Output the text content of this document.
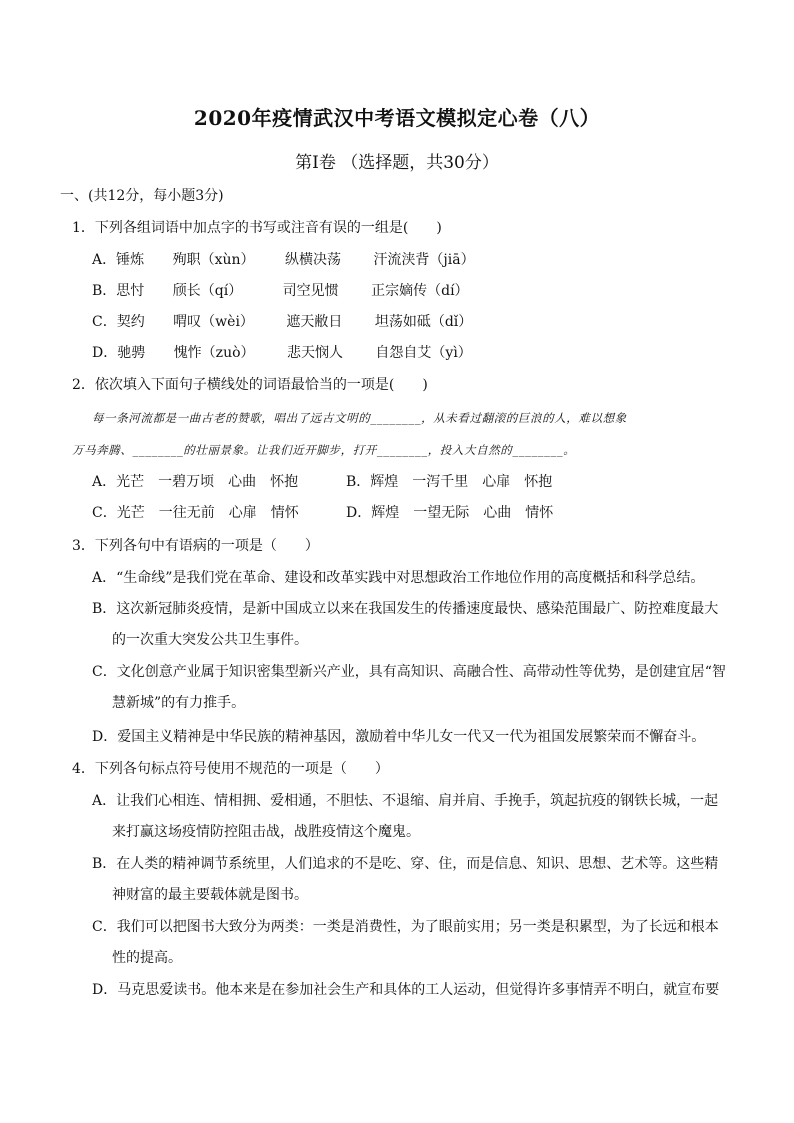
2020年疫情武汉中考语文模拟定心卷（八）
第Ⅰ卷 （选择题，共30分）
一、(共12分，每小题3分)
1．下列各组词语中加点字的书写或注音有误的一组是(　　)
A．锤炼 殉职（xùn） 纵横决荡 汗流浃背（jiā）
B．思忖 颀长（qí）	司空见惯 正宗嫡传（dí）
C．契约 喟叹（wèi） 遮天敝日 坦荡如砥（dǐ）
D．驰骋 愧怍（zuò） 悲天悯人 自怨自艾（yì）
2．依次填入下面句子横线处的词语最恰当的一项是(　　)
每一条河流都是一曲古老的赞歌，唱出了远古文明的________，从未看过翻滚的巨浪的人，难以想象
万马奔腾、________的壮丽景象。让我们近开脚步，打开________，投入大自然的________。
A．光芒　一碧万顷　心曲　怀抱	B．辉煌　一泻千里　心扉　怀抱
C．光芒　一往无前　心扉　情怀	D．辉煌　一望无际　心曲　情怀
3．下列各句中有语病的一项是（　　）
A．“生命线”是我们党在革命、建设和改革实践中对思想政治工作地位作用的高度概括和科学总结。
B．这次新冠肺炎疫情，是新中国成立以来在我国发生的传播速度最快、感染范围最广、防控难度最大
的一次重大突发公共卫生事件。
C．文化创意产业属于知识密集型新兴产业，具有高知识、高融合性、高带动性等优势，是创建宜居“智
慧新城”的有力推手。
D．爱国主义精神是中华民族的精神基因，激励着中华儿女一代又一代为祖国发展繁荣而不懈奋斗。
4．下列各句标点符号使用不规范的一项是（　　）
A．让我们心相连、情相拥、爱相通，不胆怯、不退缩、肩并肩、手挽手，筑起抗疫的钢铁长城，一起
来打赢这场疫情防控阻击战，战胜疫情这个魔鬼。
B．在人类的精神调节系统里，人们追求的不是吃、穿、住，而是信息、知识、思想、艺术等。这些精
神财富的最主要载体就是图书。
C．我们可以把图书大致分为两类：一类是消费性，为了眼前实用；另一类是积累型，为了长远和根本
性的提高。
D．马克思爱读书。他本来是在参加社会生产和具体的工人运动，但觉得许多事情弄不明白，就宣布要
